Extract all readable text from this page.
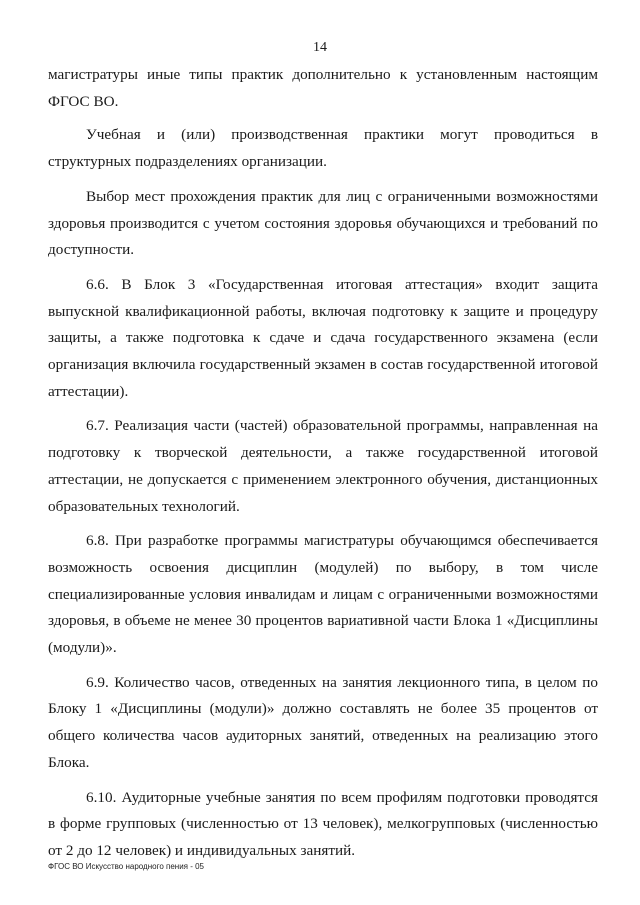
14

магистратуры иные типы практик дополнительно к установленным настоящим ФГОС ВО.

Учебная и (или) производственная практики могут проводиться в структурных подразделениях организации.

Выбор мест прохождения практик для лиц с ограниченными возможностями здоровья производится с учетом состояния здоровья обучающихся и требований по доступности.

6.6. В Блок 3 «Государственная итоговая аттестация» входит защита выпускной квалификационной работы, включая подготовку к защите и процедуру защиты, а также подготовка к сдаче и сдача государственного экзамена (если организация включила государственный экзамен в состав государственной итоговой аттестации).

6.7. Реализация части (частей) образовательной программы, направленная на подготовку к творческой деятельности, а также государственной итоговой аттестации, не допускается с применением электронного обучения, дистанционных образовательных технологий.

6.8. При разработке программы магистратуры обучающимся обеспечивается возможность освоения дисциплин (модулей) по выбору, в том числе специализированные условия инвалидам и лицам с ограниченными возможностями здоровья, в объеме не менее 30 процентов вариативной части Блока 1 «Дисциплины (модули)».

6.9. Количество часов, отведенных на занятия лекционного типа, в целом по Блоку 1 «Дисциплины (модули)» должно составлять не более 35 процентов от общего количества часов аудиторных занятий, отведенных на реализацию этого Блока.

6.10. Аудиторные учебные занятия по всем профилям подготовки проводятся в форме групповых (численностью от 13 человек), мелкогрупповых (численностью от 2 до 12 человек) и индивидуальных занятий.

ФГОС ВО Искусство народного пения - 05
